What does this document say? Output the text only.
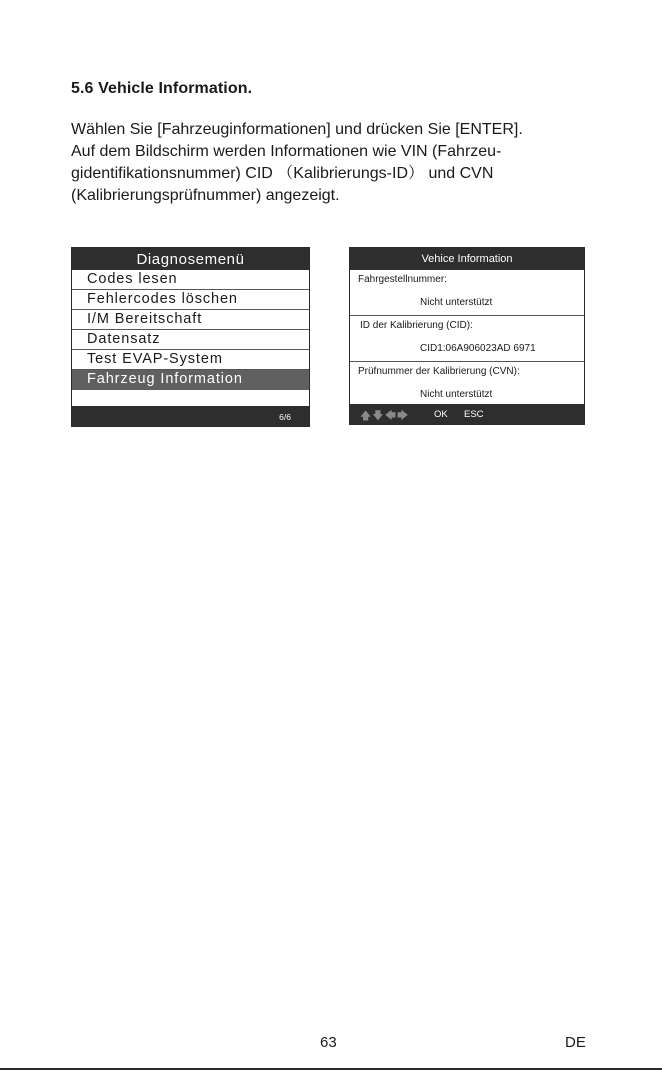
5.6 Vehicle Information.
Wählen Sie [Fahrzeuginformationen] und drücken Sie [ENTER].
Auf dem Bildschirm werden Informationen wie VIN (Fahrzeu-
gidentifikationsnummer) CID （Kalibrierungs-ID） und CVN
(Kalibrierungsprüfnummer) angezeigt.
Diagnosemenü
Codes lesen
Fehlercodes löschen
I/M Bereitschaft
Datensatz
Test EVAP-System
Fahrzeug Information
6/6
Vehice Information
Fahrgestellnummer:
Nicht unterstützt
ID der Kalibrierung (CID):
CID1:06A906023AD 6971
Prüfnummer der Kalibrierung (CVN):
Nicht unterstützt
🡅🡇🡄🡆	OK ESC
63	DE
